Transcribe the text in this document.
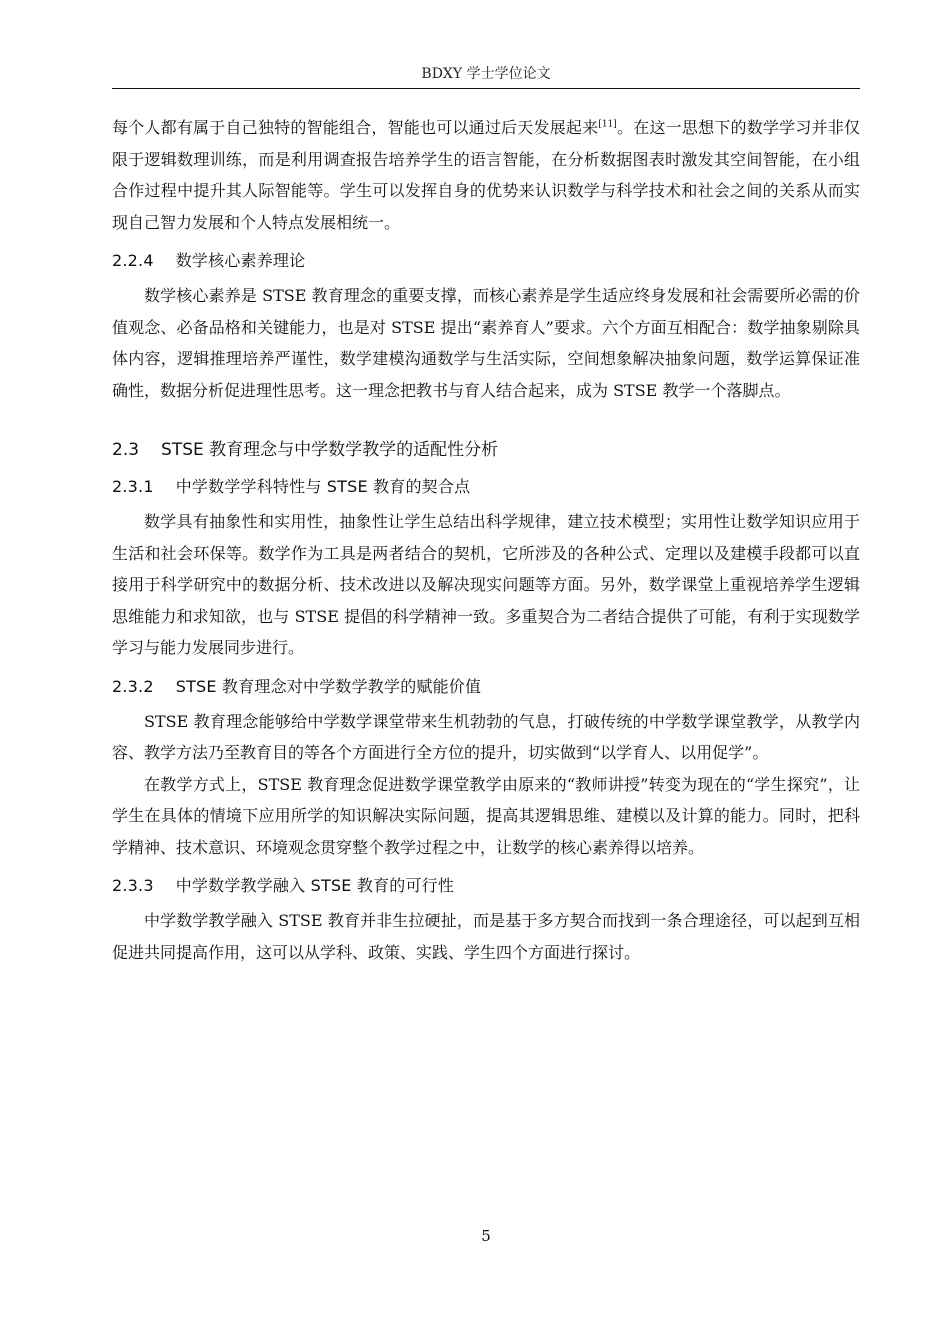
BDXY 学士学位论文

每个人都有属于自己独特的智能组合，智能也可以通过后天发展起来[11]。在这一思想下的数学学习并非仅限于逻辑数理训练，而是利用调查报告培养学生的语言智能，在分析数据图表时激发其空间智能，在小组合作过程中提升其人际智能等。学生可以发挥自身的优势来认识数学与科学技术和社会之间的关系从而实现自己智力发展和个人特点发展相统一。

2.2.4 数学核心素养理论

数学核心素养是 STSE 教育理念的重要支撑，而核心素养是学生适应终身发展和社会需要所必需的价值观念、必备品格和关键能力，也是对 STSE 提出“素养育人”要求。六个方面互相配合：数学抽象剔除具体内容，逻辑推理培养严谨性，数学建模沟通数学与生活实际，空间想象解决抽象问题，数学运算保证准确性，数据分析促进理性思考。这一理念把教书与育人结合起来，成为 STSE 教学一个落脚点。

2.3 STSE 教育理念与中学数学教学的适配性分析
2.3.1 中学数学学科特性与 STSE 教育的契合点

数学具有抽象性和实用性，抽象性让学生总结出科学规律，建立技术模型；实用性让数学知识应用于生活和社会环保等。数学作为工具是两者结合的契机，它所涉及的各种公式、定理以及建模手段都可以直接用于科学研究中的数据分析、技术改进以及解决现实问题等方面。另外，数学课堂上重视培养学生逻辑思维能力和求知欲，也与 STSE 提倡的科学精神一致。多重契合为二者结合提供了可能，有利于实现数学学习与能力发展同步进行。

2.3.2 STSE 教育理念对中学数学教学的赋能价值

STSE 教育理念能够给中学数学课堂带来生机勃勃的气息，打破传统的中学数学课堂教学，从教学内容、教学方法乃至教育目的等各个方面进行全方位的提升，切实做到“以学育人、以用促学”。

在教学方式上，STSE 教育理念促进数学课堂教学由原来的“教师讲授”转变为现在的“学生探究”，让学生在具体的情境下应用所学的知识解决实际问题，提高其逻辑思维、建模以及计算的能力。同时，把科学精神、技术意识、环境观念贯穿整个教学过程之中，让数学的核心素养得以培养。

2.3.3 中学数学教学融入 STSE 教育的可行性

中学数学教学融入 STSE 教育并非生拉硬扯，而是基于多方契合而找到一条合理途径，可以起到互相促进共同提高作用，这可以从学科、政策、实践、学生四个方面进行探讨。

5
